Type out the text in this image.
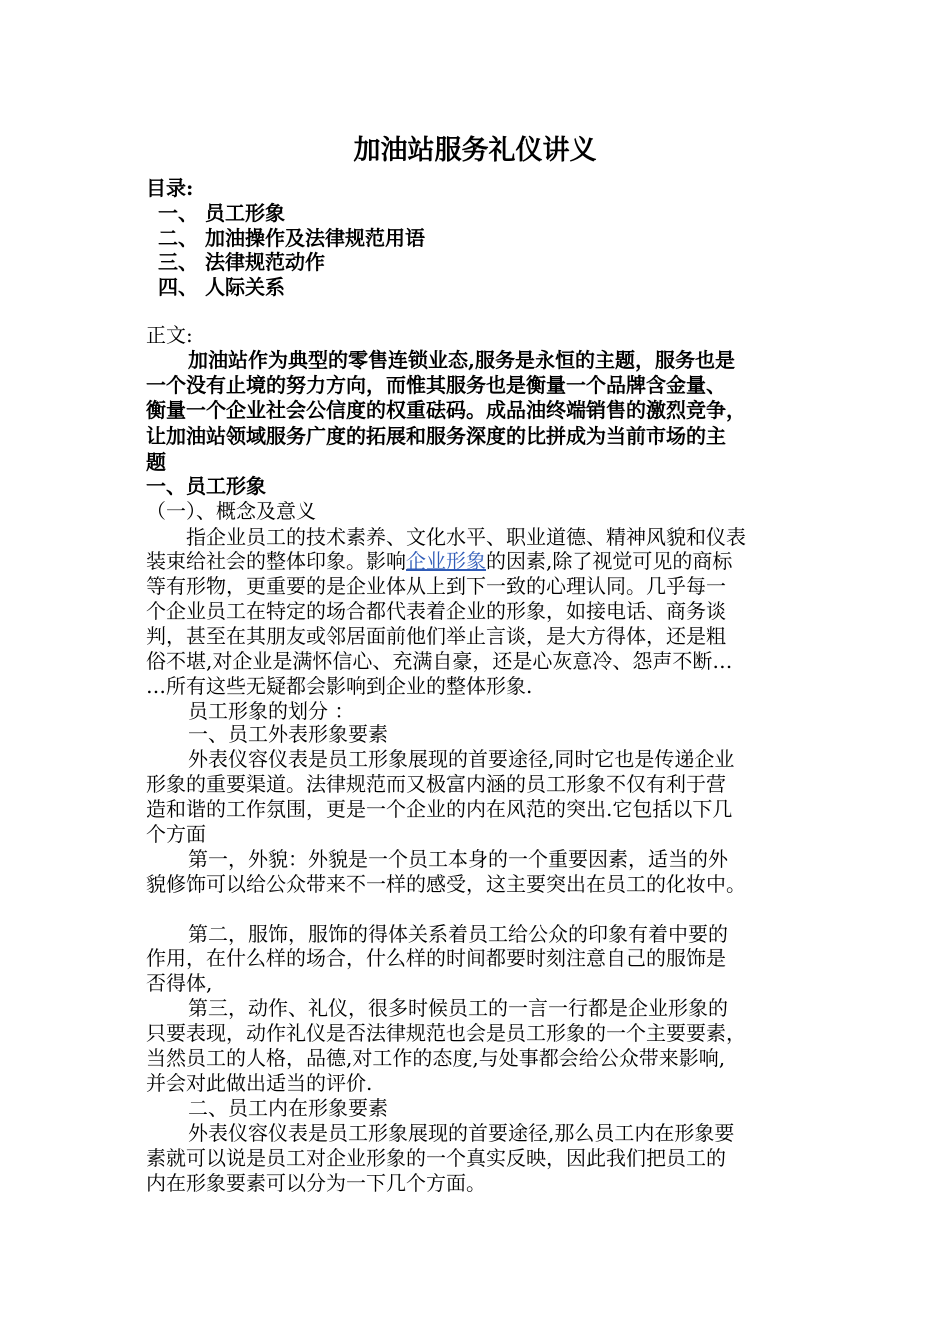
加油站服务礼仪讲义
目录:
一、 员工形象
二、 加油操作及法律规范用语
三、 法律规范动作
四、 人际关系
正文:
加油站作为典型的零售连锁业态,服务是永恒的主题，服务也是
一个没有止境的努力方向，而惟其服务也是衡量一个品牌含金量、
衡量一个企业社会公信度的权重砝码。成品油终端销售的激烈竞争，
让加油站领域服务广度的拓展和服务深度的比拼成为当前市场的主
题
一、员工形象
（一）、概念及意义
指企业员工的技术素养、文化水平、职业道德、精神风貌和仪表
装束给社会的整体印象。影响企业形象的因素,除了视觉可见的商标
等有形物，更重要的是企业体从上到下一致的心理认同。几乎每一
个企业员工在特定的场合都代表着企业的形象，如接电话、商务谈
判，甚至在其朋友或邻居面前他们举止言谈，是大方得体，还是粗
俗不堪,对企业是满怀信心、充满自豪，还是心灰意冷、怨声不断…
…所有这些无疑都会影响到企业的整体形象.
员工形象的划分 ：
一、员工外表形象要素
外表仪容仪表是员工形象展现的首要途径,同时它也是传递企业
形象的重要渠道。法律规范而又极富内涵的员工形象不仅有利于营
造和谐的工作氛围，更是一个企业的内在风范的突出.它包括以下几
个方面
第一，外貌：外貌是一个员工本身的一个重要因素，适当的外
貌修饰可以给公众带来不一样的感受，这主要突出在员工的化妆中。
第二，服饰，服饰的得体关系着员工给公众的印象有着中要的
作用，在什么样的场合，什么样的时间都要时刻注意自己的服饰是
否得体,
第三，动作、礼仪，很多时候员工的一言一行都是企业形象的
只要表现，动作礼仪是否法律规范也会是员工形象的一个主要要素，
当然员工的人格，品德,对工作的态度,与处事都会给公众带来影响,
并会对此做出适当的评价.
二、员工内在形象要素
外表仪容仪表是员工形象展现的首要途径,那么员工内在形象要
素就可以说是员工对企业形象的一个真实反映，因此我们把员工的
内在形象要素可以分为一下几个方面。
